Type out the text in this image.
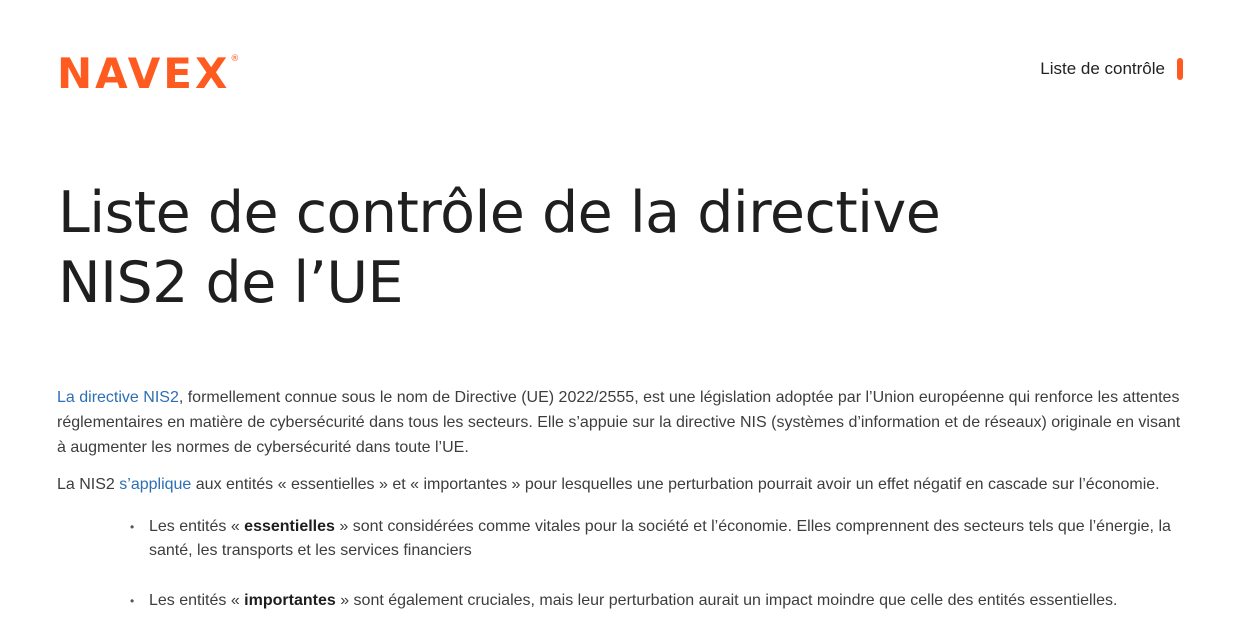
NAVEX®	Liste de contrôle
Liste de contrôle de la directive
NIS2 de l’UE

La directive NIS2, formellement connue sous le nom de Directive (UE) 2022/2555, est une législation adoptée par l’Union européenne qui renforce les attentes réglementaires en matière de cybersécurité dans tous les secteurs. Elle s’appuie sur la directive NIS (systèmes d’information et de réseaux) originale en visant à augmenter les normes de cybersécurité dans toute l’UE.

La NIS2 s’applique aux entités « essentielles » et « importantes » pour lesquelles une perturbation pourrait avoir un effet négatif en cascade sur l’économie.

• Les entités « essentielles » sont considérées comme vitales pour la société et l’économie. Elles comprennent des secteurs tels que l’énergie, la santé, les transports et les services financiers
• Les entités « importantes » sont également cruciales, mais leur perturbation aurait un impact moindre que celle des entités essentielles.
